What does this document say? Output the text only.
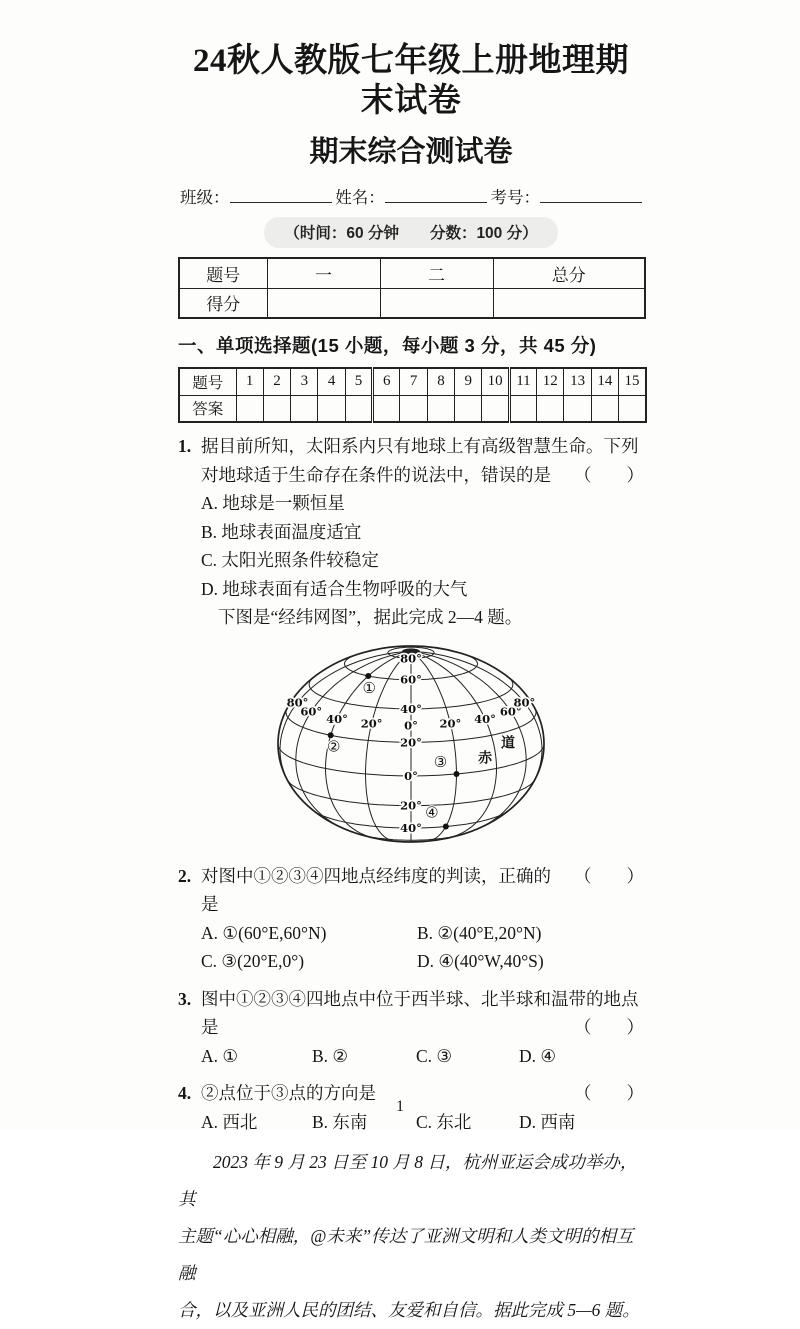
24秋人教版七年级上册地理期末试卷
期末综合测试卷
班级：	姓名：	考号：
（时间：60 分钟　　分数：100 分）
题号	一	二	总分
得分			
一、单项选择题(15 小题，每小题 3 分，共 45 分)
题号	1	2	3	4	5	6	7	8	9	10	11	12	13	14	15
答案															
1. 据目前所知，太阳系内只有地球上有高级智慧生命。下列
对地球适于生命存在条件的说法中，错误的是	（　　）
A. 地球是一颗恒星
B. 地球表面温度适宜
C. 太阳光照条件较稳定
D. 地球表面有适合生物呼吸的大气
下图是“经纬网图”，据此完成 2—4 题。
80°
60°
40°
20°
0°
20°
40°
80°
60°
40° 20° 0° 20° 40°
60°
80°
赤
道
①
②
③
④
2. 对图中①②③④四地点经纬度的判读，正确的是
（　　）
A. ①(60°E,60°N)	B. ②(40°E,20°N)
C. ③(20°E,0°)	D. ④(40°W,40°S)
3. 图中①②③④四地点中位于西半球、北半球和温带的地点
是	（　　）
A. ①	B. ②	C. ③	D. ④
4. ②点位于③点的方向是	（　　）
A. 西北	B. 东南	C. 东北	D. 西南
2023 年 9 月 23 日至 10 月 8 日，杭州亚运会成功举办，其
主题“心心相融，@未来”传达了亚洲文明和人类文明的相互融
合，以及亚洲人民的团结、友爱和自信。据此完成 5—6 题。
1
